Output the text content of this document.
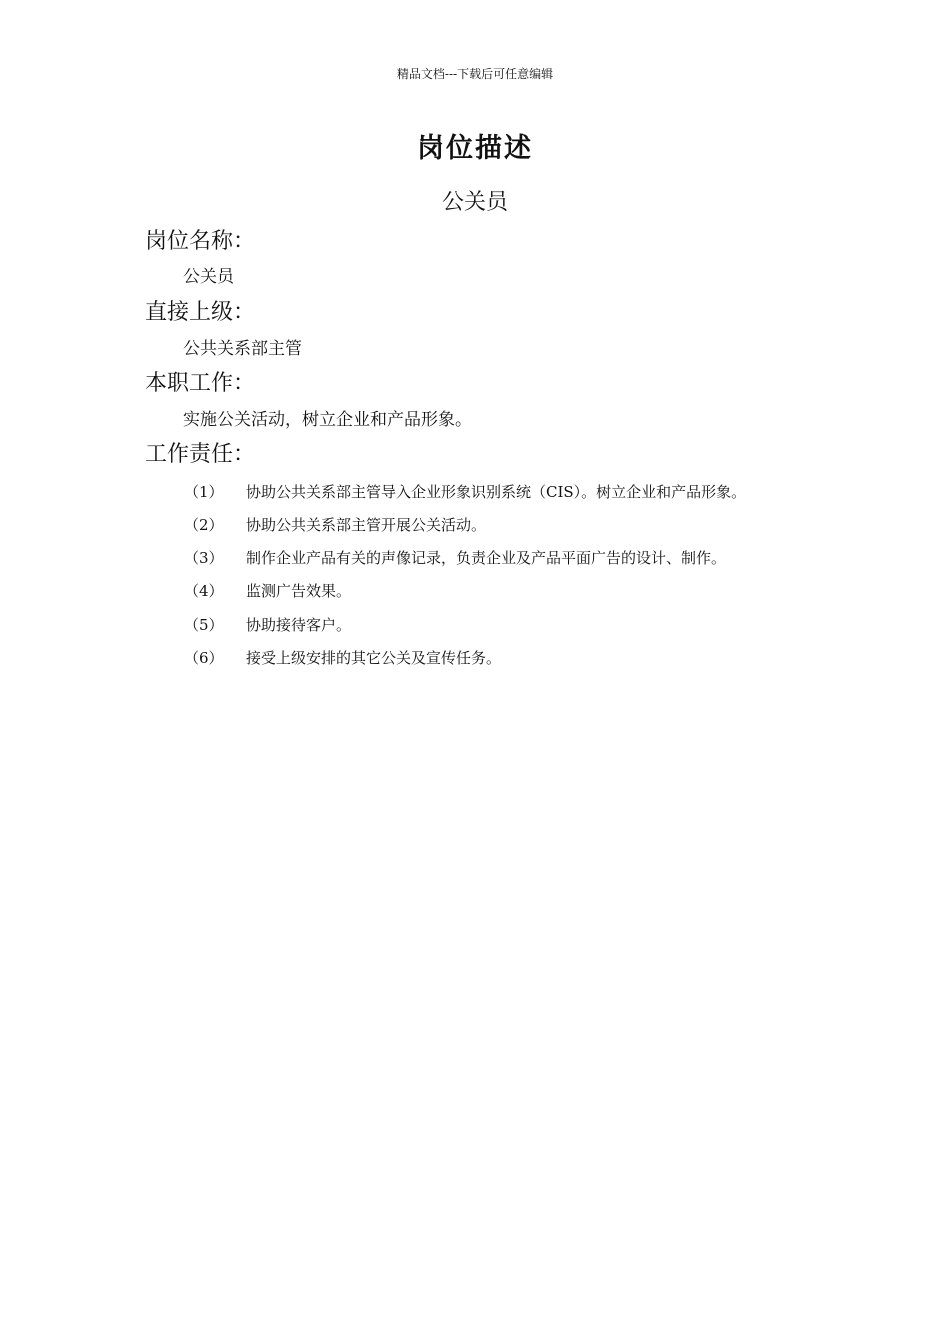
精品文档---下载后可任意编辑
岗位描述
公关员
岗位名称：
公关员
直接上级：
公共关系部主管
本职工作：
实施公关活动，树立企业和产品形象。
工作责任：
（1） 协助公共关系部主管导入企业形象识别系统（CIS）。树立企业和产品形象。
（2） 协助公共关系部主管开展公关活动。
（3） 制作企业产品有关的声像记录，负责企业及产品平面广告的设计、制作。
（4） 监测广告效果。
（5） 协助接待客户。
（6） 接受上级安排的其它公关及宣传任务。
